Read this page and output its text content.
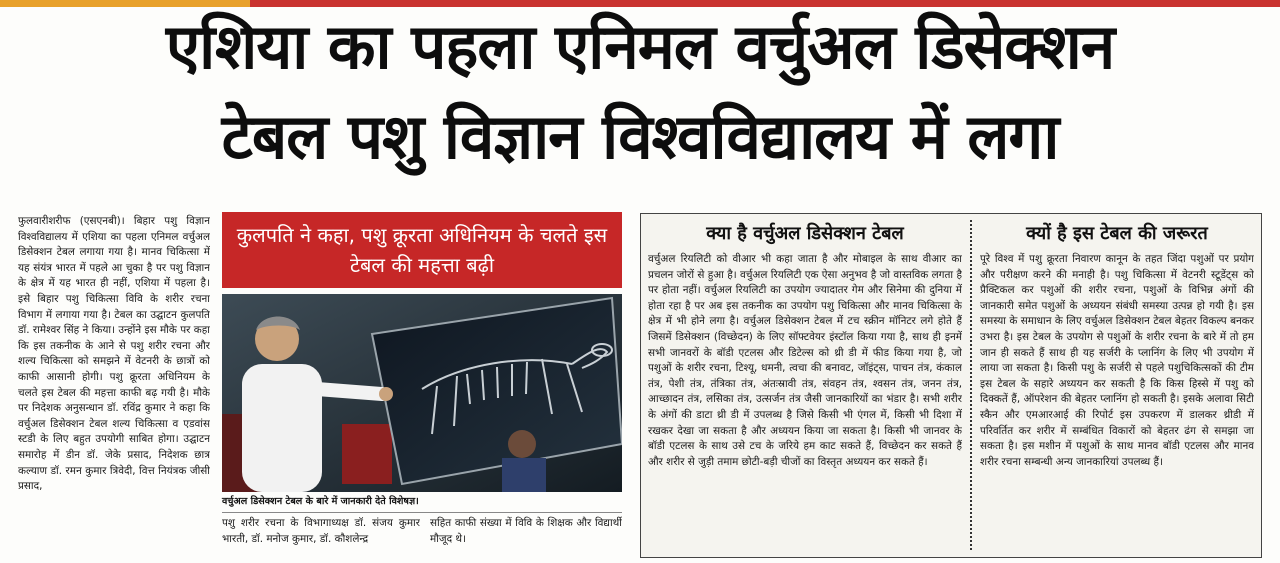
एशिया का पहला एनिमल वर्चुअल डिसेक्शन
टेबल पशु विज्ञान विश्वविद्यालय में लगा
फुलवारीशरीफ (एसएनबी)। बिहार पशु विज्ञान विश्वविद्यालय में एशिया का पहला एनिमल वर्चुअल डिसेक्शन टेबल लगाया गया है। मानव चिकित्सा में यह संयंत्र भारत में पहले आ चुका है पर पशु विज्ञान के क्षेत्र में यह भारत ही नहीं, एशिया में पहला है। इसे बिहार पशु चिकित्सा विवि के शरीर रचना विभाग में लगाया गया है। टेबल का उद्घाटन कुलपति डॉ. रामेश्वर सिंह ने किया। उन्होंने इस मौके पर कहा कि इस तकनीक के आने से पशु शरीर रचना और शल्य चिकित्सा को समझने में वेटनरी के छात्रों को काफी आसानी होगी। पशु क्रूरता अधिनियम के चलते इस टेबल की महत्ता काफी बढ़ गयी है। मौके पर निदेशक अनुसन्धान डॉ. रविंद्र कुमार ने कहा कि वर्चुअल डिसेक्शन टेबल शल्य चिकित्सा व एडवांस स्टडी के लिए बहुत उपयोगी साबित होगा। उद्घाटन समारोह में डीन डॉ. जेके प्रसाद, निदेशक छात्र कल्याण डॉ. रमन कुमार त्रिवेदी, वित्त नियंत्रक जीसी प्रसाद,
कुलपति ने कहा, पशु क्रूरता अधिनियम के चलते इस टेबल की महत्ता बढ़ी
वर्चुअल डिसेक्शन टेबल के बारे में जानकारी देते विशेषज्ञ।
पशु शरीर रचना के विभागाध्यक्ष डॉ. संजय कुमार भारती, डॉ. मनोज कुमार, डॉ. कौशलेन्द्र
सहित काफी संख्या में विवि के शिक्षक और विद्यार्थी मौजूद थे।
क्या है वर्चुअल डिसेक्शन टेबल
वर्चुअल रियलिटी को वीआर भी कहा जाता है और मोबाइल के साथ वीआर का प्रचलन जोरों से हुआ है। वर्चुअल रियलिटी एक ऐसा अनुभव है जो वास्तविक लगता है पर होता नहीं। वर्चुअल रियलिटी का उपयोग ज्यादातर गेम और सिनेमा की दुनिया में होता रहा है पर अब इस तकनीक का उपयोग पशु चिकित्सा और मानव चिकित्सा के क्षेत्र में भी होने लगा है। वर्चुअल डिसेक्शन टेबल में टच स्क्रीन मॉनिटर लगे होते हैं जिसमें डिसेक्शन (विच्छेदन) के लिए सॉफ्टवेयर इंस्टॉल किया गया है, साथ ही इनमें सभी जानवरों के बॉडी एटलस और डिटेल्स को थ्री डी में फीड किया गया है, जो पशुओं के शरीर रचना, टिश्यू, धमनी, त्वचा की बनावट, जॉइंट्स, पाचन तंत्र, कंकाल तंत्र, पेशी तंत्र, तंत्रिका तंत्र, अंतःस्रावी तंत्र, संवहन तंत्र, श्वसन तंत्र, जनन तंत्र, आच्छादन तंत्र, लसिका तंत्र, उत्सर्जन तंत्र जैसी जानकारियों का भंडार है। सभी शरीर के अंगों की डाटा थ्री डी में उपलब्ध है जिसे किसी भी एंगल में, किसी भी दिशा में रखकर देखा जा सकता है और अध्ययन किया जा सकता है। किसी भी जानवर के बॉडी एटलस के साथ उसे टच के जरिये हम काट सकते हैं, विच्छेदन कर सकते हैं और शरीर से जुड़ी तमाम छोटी-बड़ी चीजों का विस्तृत अध्ययन कर सकते हैं।
क्यों है इस टेबल की जरूरत
पूरे विश्व में पशु क्रूरता निवारण कानून के तहत जिंदा पशुओं पर प्रयोग और परीक्षण करने की मनाही है। पशु चिकित्सा में वेटनरी स्टूडेंट्स को प्रैक्टिकल कर पशुओं की शरीर रचना, पशुओं के विभिन्न अंगों की जानकारी समेत पशुओं के अध्ययन संबंधी समस्या उत्पन्न हो गयी है। इस समस्या के समाधान के लिए वर्चुअल डिसेक्शन टेबल बेहतर विकल्प बनकर उभरा है। इस टेबल के उपयोग से पशुओं के शरीर रचना के बारे में तो हम जान ही सकते हैं साथ ही यह सर्जरी के प्लानिंग के लिए भी उपयोग में लाया जा सकता है। किसी पशु के सर्जरी से पहले पशुचिकित्सकों की टीम इस टेबल के सहारे अध्ययन कर सकती है कि किस हिस्से में पशु को दिक्कतें हैं, ऑपरेशन की बेहतर प्लानिंग हो सकती है। इसके अलावा सिटी स्कैन और एमआरआई की रिपोर्ट इस उपकरण में डालकर थ्रीडी में परिवर्तित कर शरीर में सम्बंधित विकारों को बेहतर ढंग से समझा जा सकता है। इस मशीन में पशुओं के साथ मानव बॉडी एटलस और मानव शरीर रचना सम्बन्धी अन्य जानकारियां उपलब्ध हैं।
